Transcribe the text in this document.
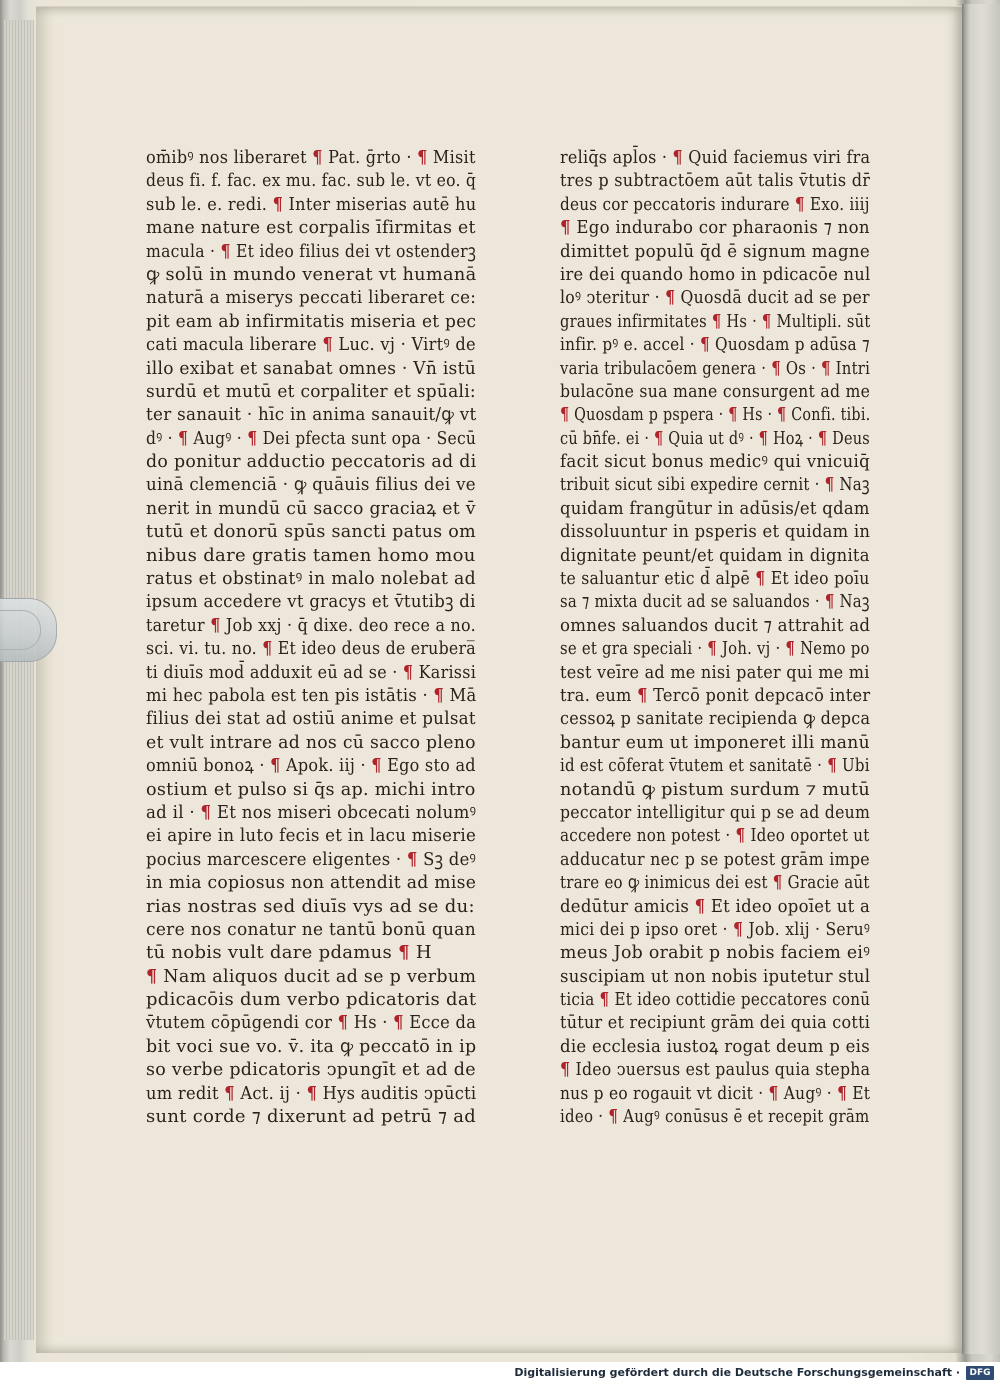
om̄ibꝰ nos liberaret ¶ Pat. ḡrto · ¶ Misit
deus fi. f. fac. ex mu. fac. sub le. vt eo. q̄
sub le. e. redi. ¶ Inter miserias autē hu
mane nature est corpalis īfirmitas et
macula · ¶ Et ideo filius dei vt ostenderꝫ
ꝙ solū in mundo venerat vt humanā
naturā a miserys peccati liberaret ce:
pit eam ab infirmitatis miseria et pec
cati macula liberare ¶ Luc. vj · Virtꝰ de
illo exibat et sanabat omnes · Vn̄ istū
surdū et mutū et corpaliter et spūali:
ter sanauit · hīc in anima sanauit/ꝙ vt
dꝰ · ¶ Augꝰ · ¶ Dei pfecta sunt opa · Secū
do ponitur adductio peccatoris ad di
uinā clemenciā · ꝙ quāuis filius dei ve
nerit in mundū cū sacco graciaꝝ et v̄
tutū et donorū spūs sancti patus om
nibus dare gratis tamen homo mou
ratus et obstinatꝰ in malo nolebat ad
ipsum accedere vt gracys et v̄tutibꝫ di
taretur ¶ Job xxj · q̄ dixe. deo rece a no.
sci. vi. tu. no. ¶ Et ideo deus de erubera̅
ti diuīs mod̄ adduxit eū ad se · ¶ Karissi
mi hec pabola est ten pis istātis · ¶ Mā
filius dei stat ad ostiū anime et pulsat
et vult intrare ad nos cū sacco pleno
omniū bonoꝝ · ¶ Apok. iij · ¶ Ego sto ad
ostium et pulso si q̄s ap. michi intro
ad il · ¶ Et nos miseri obcecati nolumꝰ
ei apire in luto fecis et in lacu miserie
pocius marcescere eligentes · ¶ Sꝫ deꝰ
in mia copiosus non attendit ad mise
rias nostras sed diuīs vys ad se du:
cere nos conatur ne tantū bonū quan
tū nobis vult dare pdamus ¶ H
¶ Nam aliquos ducit ad se p verbum
pdicacōis dum verbo pdicatoris dat
v̄tutem cōpūgendi cor ¶ Hs · ¶ Ecce da
bit voci sue vo. v̄. ita ꝙ peccatō in ip
so verbe pdicatoris ↄpungīt et ad de
um redit ¶ Act. ij · ¶ Hys auditis ↄpūcti
sunt corde ⁊ dixerunt ad petrū ⁊ ad
reliq̄s apl̄os · ¶ Quid faciemus viri fra
tres p subtractōem aūt talis v̄tutis dr̄
deus cor peccatoris indurare ¶ Exo. iiij
¶ Ego indurabo cor pharaonis ⁊ non
dimittet populū q̄d ē signum magne
ire dei quando homo in pdicacōe nul
loꝰ ↄteritur · ¶ Quosdā ducit ad se per
graues infirmitates ¶ Hs · ¶ Multipli. sūt
infir. pꝰ e. accel · ¶ Quosdam p adūsa ⁊
varia tribulacōem genera · ¶ Os · ¶ Intri
bulacōne sua mane consurgent ad me
¶ Quosdam p pspera · ¶ Hs · ¶ Confi. tibi.
cū bn̄fe. ei · ¶ Quia ut dꝰ · ¶ Hoꝝ · ¶ Deus
facit sicut bonus medicꝰ qui vnicuiq̄
tribuit sicut sibi expedire cernit · ¶ Naꝫ
quidam frangūtur in adūsis/et qdam
dissoluuntur in psperis et quidam in
dignitate peunt/et quidam in dignita
te saluantur etic d̄ alpē ¶ Et ideo poīu
sa ⁊ mixta ducit ad se saluandos · ¶ Naꝫ
omnes saluandos ducit ⁊ attrahit ad
se et gra speciali · ¶ Joh. vj · ¶ Nemo po
test veīre ad me nisi pater qui me mi
tra. eum ¶ Tercō ponit depcacō inter
cessoꝝ p sanitate recipienda ꝙ depca
bantur eum ut imponeret illi manū
id est cōferat v̄tutem et sanitatē · ¶ Ubi
notandū ꝙ pistum surdum ⁊ mutū
peccator intelligitur qui p se ad deum
accedere non potest · ¶ Ideo oportet ut
adducatur nec p se potest grām impe
trare eo ꝙ inimicus dei est ¶ Gracie aūt
dedūtur amicis ¶ Et ideo opoīet ut a
mici dei p ipso oret · ¶ Job. xlij · Seruꝰ
meus Job orabit p nobis faciem eiꝰ
suscipiam ut non nobis iputetur stul
ticia ¶ Et ideo cottidie peccatores conū
tūtur et recipiunt grām dei quia cotti
die ecclesia iustoꝝ rogat deum p eis
¶ Ideo ↄuersus est paulus quia stepha
nus p eo rogauit vt dicit · ¶ Augꝰ · ¶ Et
ideo · ¶ Augꝰ conūsus ē et recepit grām
Digitalisierung gefördert durch die Deutsche Forschungsgemeinschaft ·	DFG
